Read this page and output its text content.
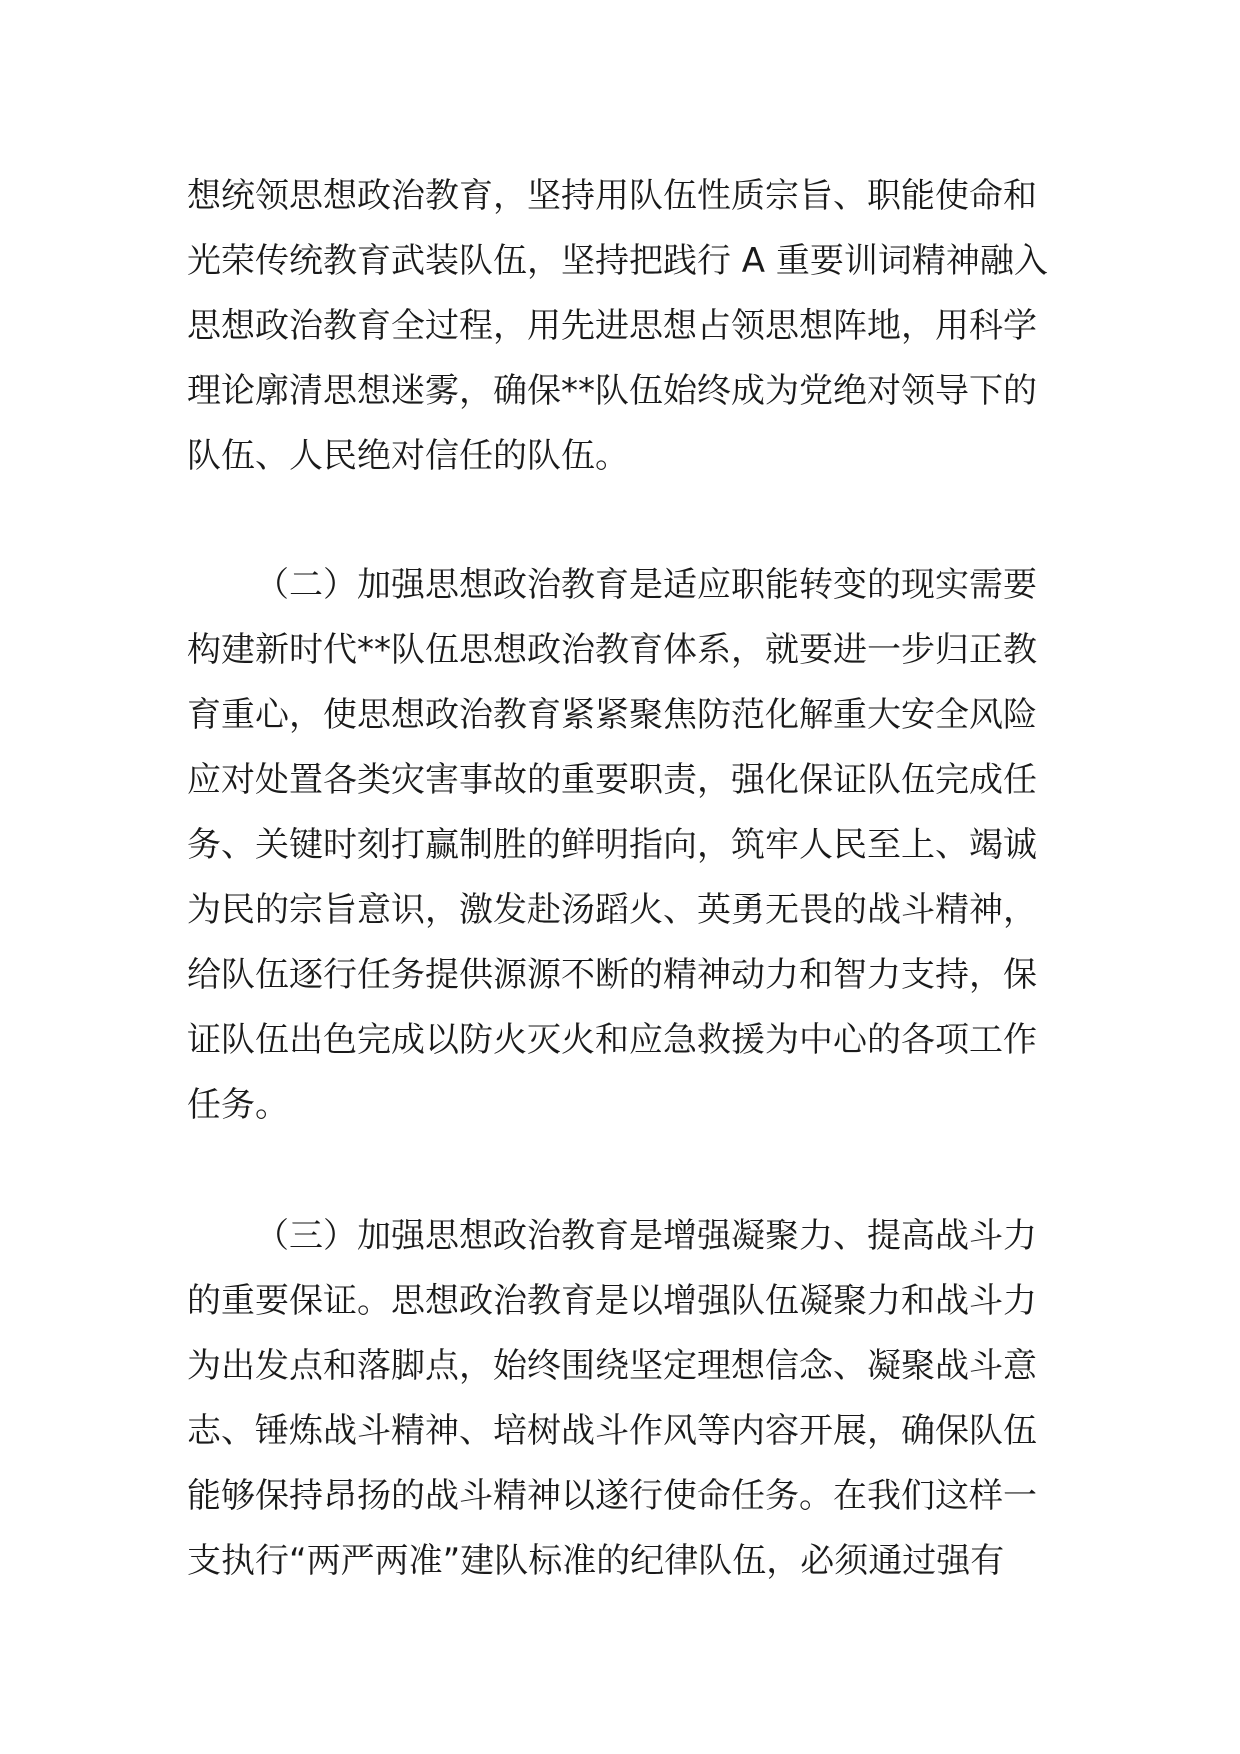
想统领思想政治教育，坚持用队伍性质宗旨、职能使命和
光荣传统教育武装队伍，坚持把践行 A 重要训词精神融入
思想政治教育全过程，用先进思想占领思想阵地，用科学
理论廓清思想迷雾，确保**队伍始终成为党绝对领导下的
队伍、人民绝对信任的队伍。
（二）加强思想政治教育是适应职能转变的现实需要
构建新时代**队伍思想政治教育体系，就要进一步归正教
育重心，使思想政治教育紧紧聚焦防范化解重大安全风险
应对处置各类灾害事故的重要职责，强化保证队伍完成任
务、关键时刻打赢制胜的鲜明指向，筑牢人民至上、竭诚
为民的宗旨意识，激发赴汤蹈火、英勇无畏的战斗精神，
给队伍逐行任务提供源源不断的精神动力和智力支持，保
证队伍出色完成以防火灭火和应急救援为中心的各项工作
任务。
（三）加强思想政治教育是增强凝聚力、提高战斗力
的重要保证。思想政治教育是以增强队伍凝聚力和战斗力
为出发点和落脚点，始终围绕坚定理想信念、凝聚战斗意
志、锤炼战斗精神、培树战斗作风等内容开展，确保队伍
能够保持昂扬的战斗精神以遂行使命任务。在我们这样一
支执行“两严两准”建队标准的纪律队伍，必须通过强有
